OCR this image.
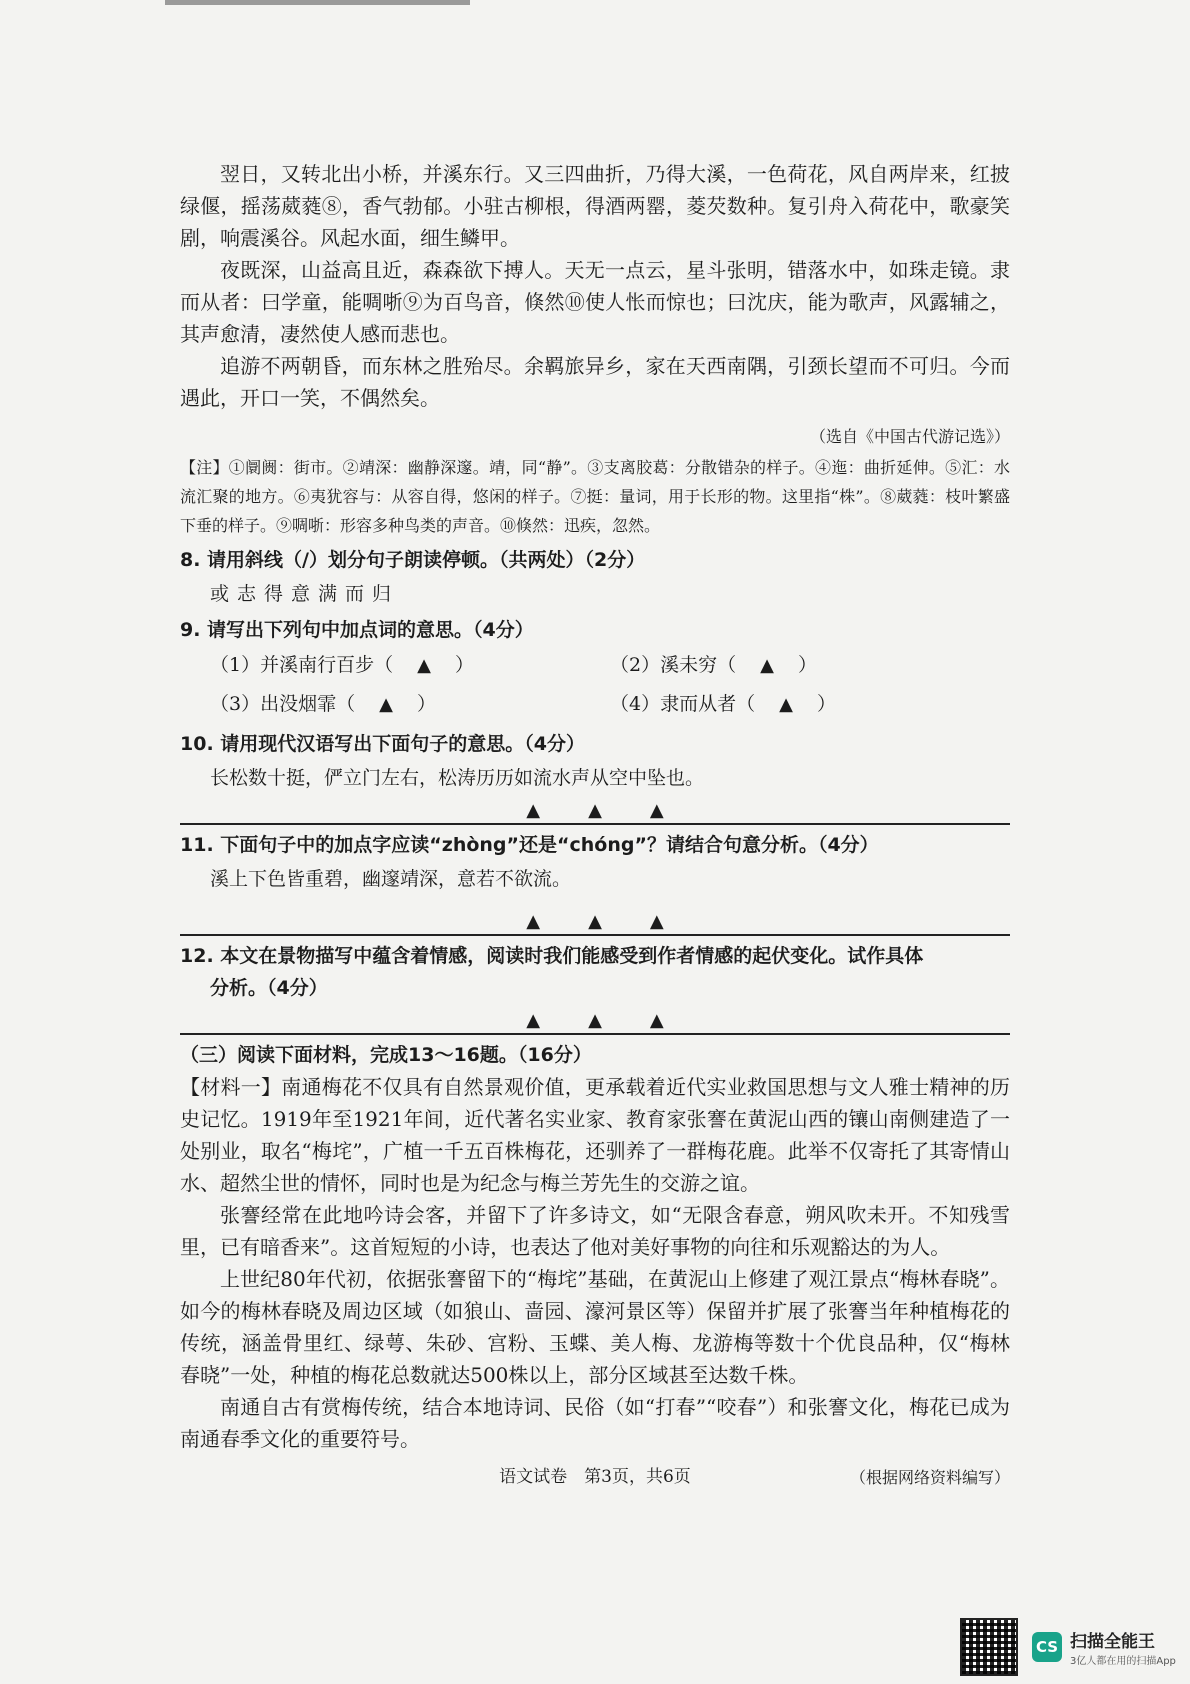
翌日，又转北出小桥，并溪东行。又三四曲折，乃得大溪，一色荷花，风自两岸来，红披绿偃，摇荡葳蕤⑧，香气勃郁。小驻古柳根，得酒两罂，菱芡数种。复引舟入荷花中，歌豪笑剧，响震溪谷。风起水面，细生鳞甲。

夜既深，山益高且近，森森欲下搏人。天无一点云，星斗张明，错落水中，如珠走镜。隶而从者：曰学童，能啁哳⑨为百鸟音，倏然⑩使人怅而惊也；曰沈庆，能为歌声，风露辅之，其声愈清，凄然使人感而悲也。

追游不两朝昏，而东林之胜殆尽。余羁旅异乡，家在天西南隅，引颈长望而不可归。今而遇此，开口一笑，不偶然矣。

（选自《中国古代游记选》）

【注】①阛阓：街市。②靖深：幽静深邃。靖，同“静”。③支离胶葛：分散错杂的样子。④迤：曲折延伸。⑤汇：水流汇聚的地方。⑥夷犹容与：从容自得，悠闲的样子。⑦挺：量词，用于长形的物。这里指“株”。⑧葳蕤：枝叶繁盛下垂的样子。⑨啁哳：形容多种鸟类的声音。⑩倏然：迅疾，忽然。

8. 请用斜线（/）划分句子朗读停顿。（共两处）（2分）

或志得意满而归

9. 请写出下列句中加点词的意思。（4分）

（1）并溪南行百步（ ▲ ）	（2）溪未穷（ ▲ ）
（3）出没烟霏（ ▲ ）	（4）隶而从者（ ▲ ）

10. 请用现代汉语写出下面句子的意思。（4分）

长松数十挺，俨立门左右，松涛历历如流水声从空中坠也。

▲	▲	▲

11. 下面句子中的加点字应读“zhòng”还是“chóng”？请结合句意分析。（4分）

溪上下色皆重碧，幽邃靖深，意若不欲流。

▲	▲	▲

12. 本文在景物描写中蕴含着情感，阅读时我们能感受到作者情感的起伏变化。试作具体

分析。（4分）

▲	▲	▲

（三）阅读下面材料，完成13～16题。（16分）

【材料一】南通梅花不仅具有自然景观价值，更承载着近代实业救国思想与文人雅士精神的历史记忆。1919年至1921年间，近代著名实业家、教育家张謇在黄泥山西的镶山南侧建造了一处别业，取名“梅垞”，广植一千五百株梅花，还驯养了一群梅花鹿。此举不仅寄托了其寄情山水、超然尘世的情怀，同时也是为纪念与梅兰芳先生的交游之谊。

张謇经常在此地吟诗会客，并留下了许多诗文，如“无限含春意，朔风吹未开。不知残雪里，已有暗香来”。这首短短的小诗，也表达了他对美好事物的向往和乐观豁达的为人。

上世纪80年代初，依据张謇留下的“梅垞”基础，在黄泥山上修建了观江景点“梅林春晓”。如今的梅林春晓及周边区域（如狼山、啬园、濠河景区等）保留并扩展了张謇当年种植梅花的传统，涵盖骨里红、绿萼、朱砂、宫粉、玉蝶、美人梅、龙游梅等数十个优良品种，仅“梅林春晓”一处，种植的梅花总数就达500株以上，部分区域甚至达数千株。

南通自古有赏梅传统，结合本地诗词、民俗（如“打春”“咬春”）和张謇文化，梅花已成为南通春季文化的重要符号。

（根据网络资料编写）

语文试卷　第3页，共6页
CS 扫描全能王
3亿人都在用的扫描App
